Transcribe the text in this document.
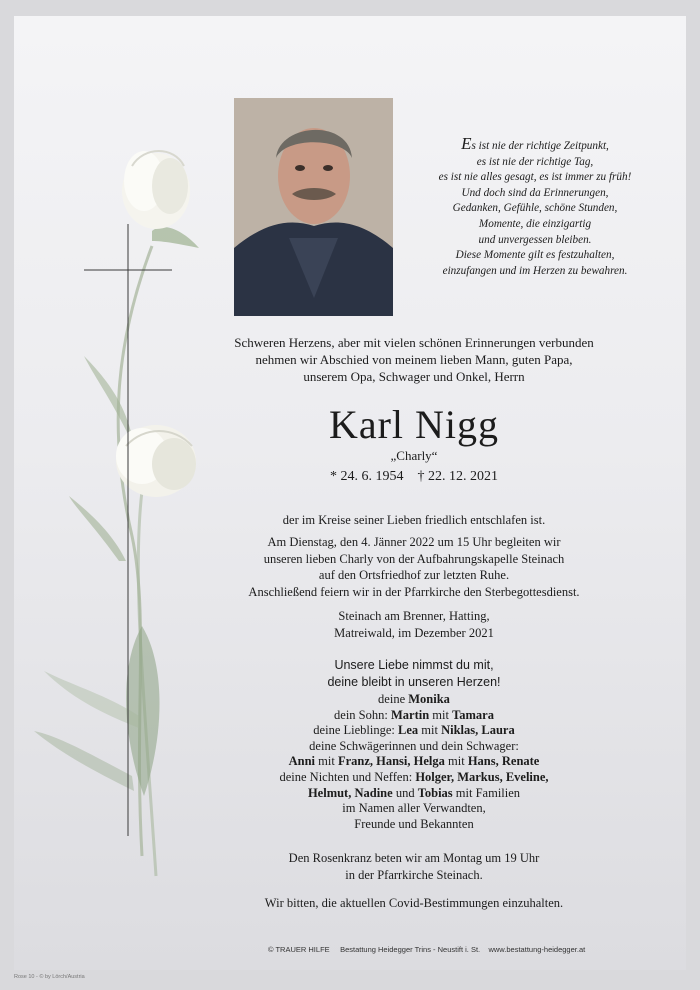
Es ist nie der richtige Zeitpunkt,
es ist nie der richtige Tag,
es ist nie alles gesagt, es ist immer zu früh!
Und doch sind da Erinnerungen,
Gedanken, Gefühle, schöne Stunden,
Momente, die einzigartig
und unvergessen bleiben.
Diese Momente gilt es festzuhalten,
einzufangen und im Herzen zu bewahren.
Schweren Herzens, aber mit vielen schönen Erinnerungen verbunden
nehmen wir Abschied von meinem lieben Mann, guten Papa,
unserem Opa, Schwager und Onkel, Herrn
Karl Nigg
„Charly“
* 24. 6. 1954    † 22. 12. 2021
der im Kreise seiner Lieben friedlich entschlafen ist.
Am Dienstag, den 4. Jänner 2022 um 15 Uhr begleiten wir
unseren lieben Charly von der Aufbahrungskapelle Steinach
auf den Ortsfriedhof zur letzten Ruhe.
Anschließend feiern wir in der Pfarrkirche den Sterbegottesdienst.
Steinach am Brenner, Hatting,
Matreiwald, im Dezember 2021
Unsere Liebe nimmst du mit,
deine bleibt in unseren Herzen!
deine Monika
dein Sohn: Martin mit Tamara
deine Lieblinge: Lea mit Niklas, Laura
deine Schwägerinnen und dein Schwager:
Anni mit Franz, Hansi, Helga mit Hans, Renate
deine Nichten und Neffen: Holger, Markus, Eveline,
Helmut, Nadine und Tobias mit Familien
im Namen aller Verwandten,
Freunde und Bekannten
Den Rosenkranz beten wir am Montag um 19 Uhr
in der Pfarrkirche Steinach.
Wir bitten, die aktuellen Covid-Bestimmungen einzuhalten.
© TRAUER HILFE     Bestattung Heidegger Trins - Neustift i. St.    www.bestattung-heidegger.at
Rose 10 - © by Lörch/Austria
